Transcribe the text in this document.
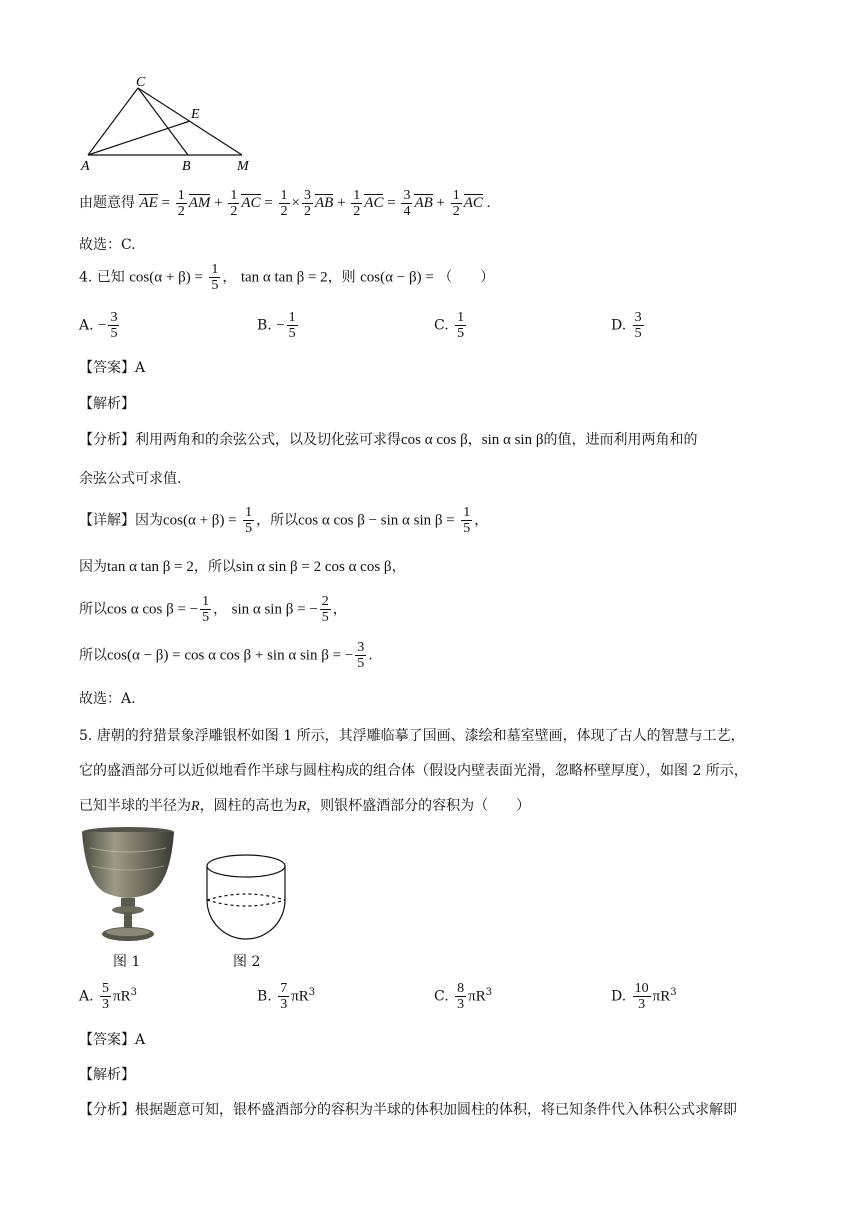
C
E
A	B	M
由题意得 AE = $\frac{1}{2}$ AM + $\frac{1}{2}$ AC = $\frac{1}{2} \times \frac{3}{2}$ AB + $\frac{1}{2}$ AC = $\frac{3}{4}$ AB + $\frac{1}{2}$ AC .
故选：C.
4. 已知 $\cos(\alpha + \beta) = \frac{1}{5}$ ， tan α tan β = 2，则 cos(α − β) = （　　）
A. − $\frac{3}{5}$	B. − $\frac{1}{5}$	C. $\frac{1}{5}$	D. $\frac{3}{5}$
【答案】A
【解析】
【分析】利用两角和的余弦公式，以及切化弦可求得cos α cos β，sin α sin β的值，进而利用两角和的
余弦公式可求值.
【详解】因为$\cos(\alpha + \beta) = \frac{1}{5}$ ，所以cos α cos β − sin α $\sin \beta = \frac{1}{5}$ ，
因为tan α tan β = 2，所以sin α sin β = 2 cos α cos β，
所以cos α cos β = − $\frac{1}{5}$ ， sin α sin β = − $\frac{2}{5}$ ，
所以cos(α − β) = cos α cos β + sin α sin β = − $\frac{3}{5}$ .
故选：A.
5. 唐朝的狩猎景象浮雕银杯如图 1 所示，其浮雕临摹了国画、漆绘和墓室壁画，体现了古人的智慧与工艺，
它的盛酒部分可以近似地看作半球与圆柱构成的组合体（假设内壁表面光滑，忽略杯壁厚度），如图 2 所示，
已知半球的半径为R，圆柱的高也为R，则银杯盛酒部分的容积为（　　）
图 1	图 2
A. $\frac{5}{3} \pi R^3$	B. $\frac{7}{3} \pi R^3$	C. $\frac{8}{3} \pi R^3$	D. $\frac{10}{3} \pi R^3$
【答案】A
【解析】
【分析】根据题意可知，银杯盛酒部分的容积为半球的体积加圆柱的体积，将已知条件代入体积公式求解即
